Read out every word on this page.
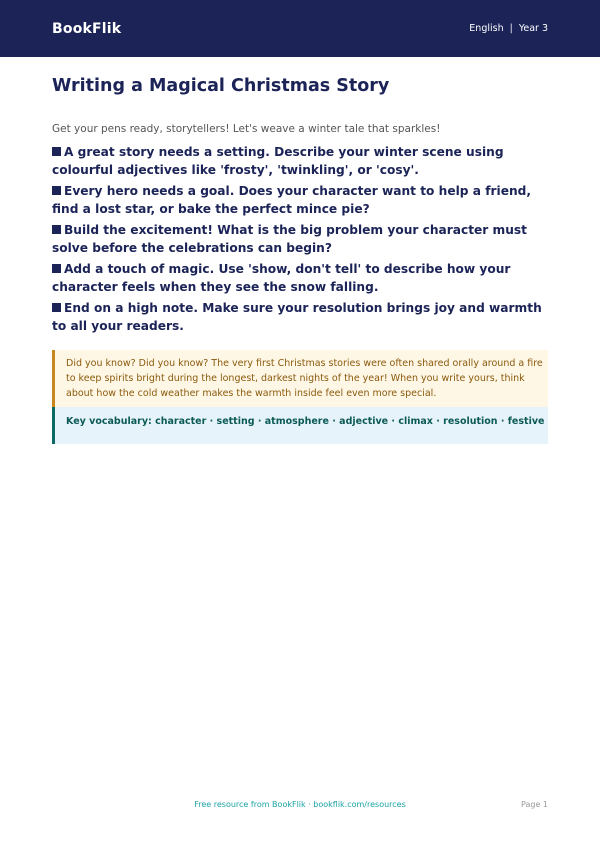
BookFlik	English | Year 3
Writing a Magical Christmas Story

Get your pens ready, storytellers! Let's weave a winter tale that sparkles!

A great story needs a setting. Describe your winter scene using colourful adjectives like 'frosty', 'twinkling', or 'cosy'.
Every hero needs a goal. Does your character want to help a friend, find a lost star, or bake the perfect mince pie?
Build the excitement! What is the big problem your character must solve before the celebrations can begin?
Add a touch of magic. Use 'show, don't tell' to describe how your character feels when they see the snow falling.
End on a high note. Make sure your resolution brings joy and warmth to all your readers.
Did you know? Did you know? The very first Christmas stories were often shared orally around a fire to keep spirits bright during the longest, darkest nights of the year! When you write yours, think about how the cold weather makes the warmth inside feel even more special.
Key vocabulary: character · setting · atmosphere · adjective · climax · resolution · festive
Free resource from BookFlik · bookflik.com/resources	Page 1
